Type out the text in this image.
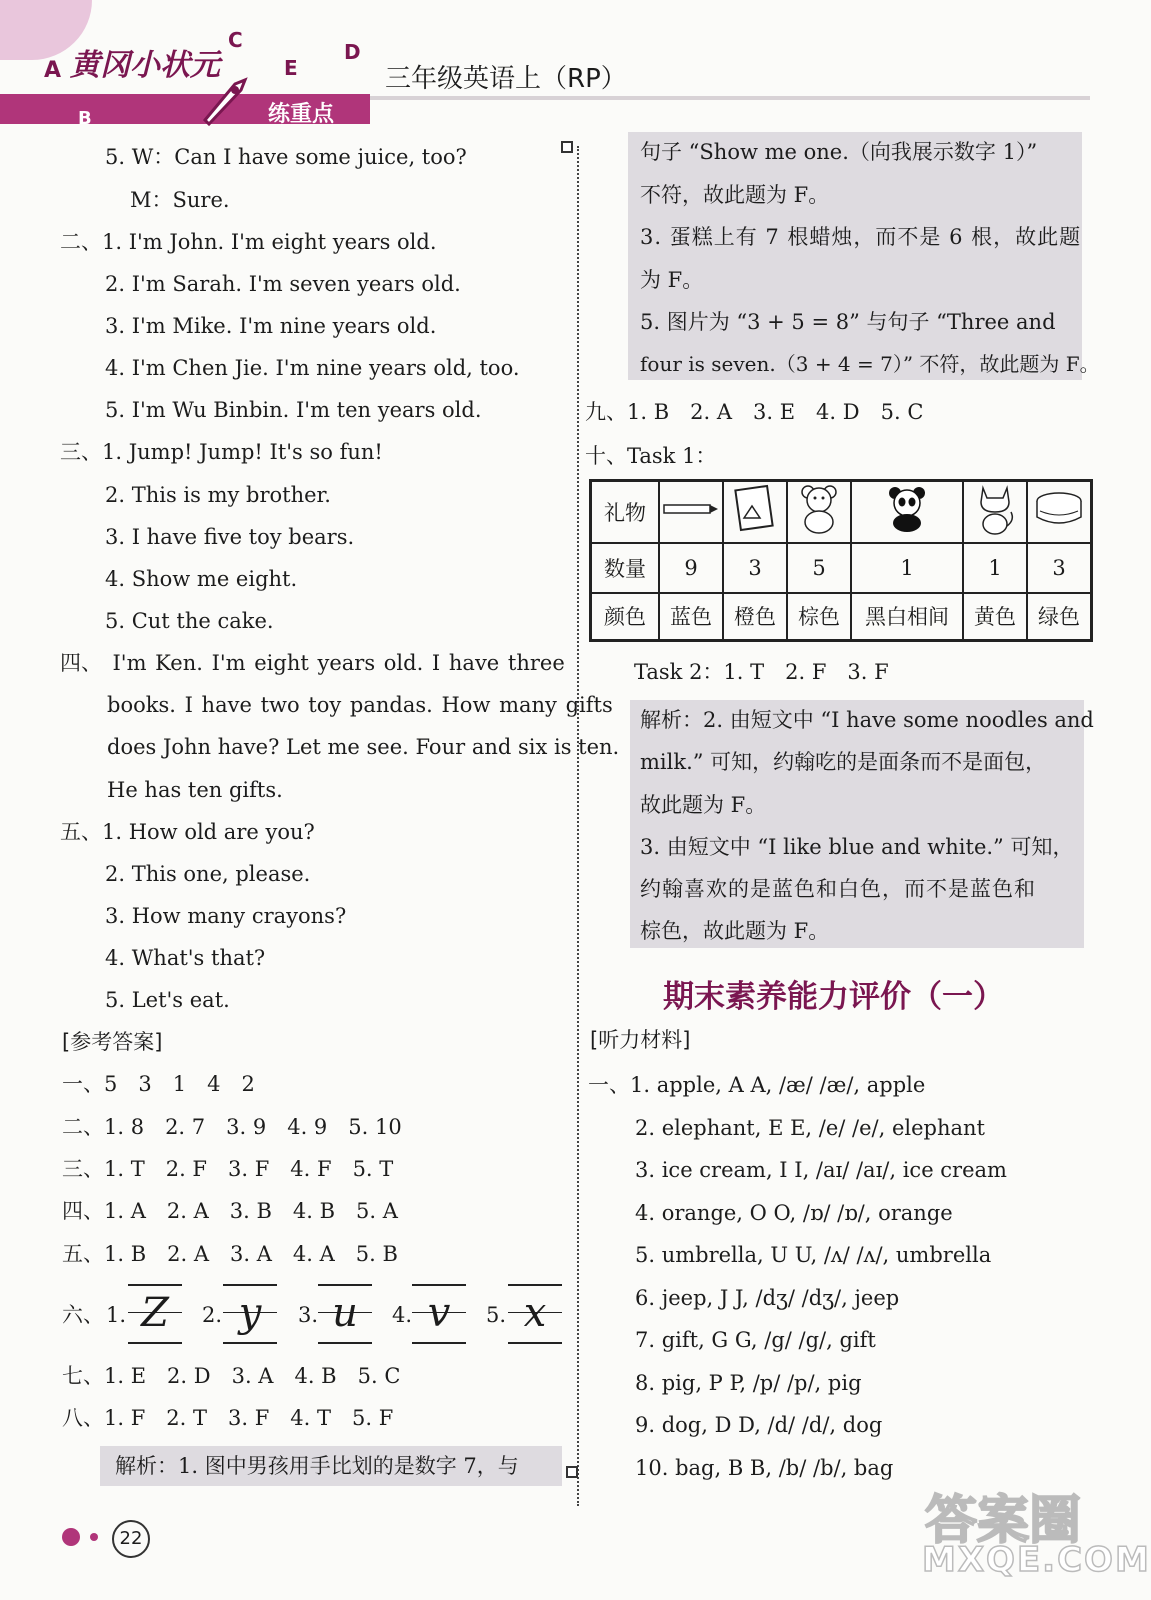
A
B
C	D
E
黄冈小状元
练重点
三年级英语上（RP）
5. W：Can I have some juice, too?
M：Sure.
二、1. I'm John. I'm eight years old.
2. I'm Sarah. I'm seven years old.
3. I'm Mike. I'm nine years old.
4. I'm Chen Jie. I'm nine years old, too.
5. I'm Wu Binbin. I'm ten years old.
三、1. Jump! Jump! It's so fun!
2. This is my brother.
3. I have five toy bears.
4. Show me eight.
5. Cut the cake.
四、　I'm Ken. I'm eight years old. I have three
books. I have two toy pandas. How many gifts
does John have? Let me see. Four and six is ten.
He has ten gifts.
五、1. How old are you?
2. This one, please.
3. How many crayons?
4. What's that?
5. Let's eat.
[参考答案]
一、5　3　1　4　2
二、1. 8　2. 7　3. 9　4. 9　5. 10
三、1. T　2. F　3. F　4. F　5. T
四、1. A　2. A　3. B　4. B　5. A
五、1. B　2. A　3. A　4. A　5. B
六、 1. Z	2. y	3. u	4. v	5. x
七、1. E　2. D　3. A　4. B　5. C
八、1. F　2. T　3. F　4. T　5. F
解析：1. 图中男孩用手比划的是数字 7，与
句子 “Show me one.（向我展示数字 1）”
不符，故此题为 F。
3. 蛋糕上有 7 根蜡烛，而不是 6 根，故此题
为 F。
5. 图片为 “3 + 5 = 8” 与句子 “Three and
four is seven.（3 + 4 = 7）” 不符，故此题为 F。
九、1. B　2. A　3. E　4. D　5. C
十、Task 1：
礼物						
数量	9	3	5	1	1	3
颜色	蓝色	橙色	棕色	黑白相间	黄色	绿色
Task 2：1. T　2. F　3. F
解析：2. 由短文中 “I have some noodles and
milk.” 可知，约翰吃的是面条而不是面包，
故此题为 F。
3. 由短文中 “I like blue and white.” 可知，
约翰喜欢的是蓝色和白色，而不是蓝色和
棕色，故此题为 F。
期末素养能力评价（一）
[听力材料]
一、1. apple, A A, /æ/ /æ/, apple
2. elephant, E E, /e/ /e/, elephant
3. ice cream, I I, /aɪ/ /aɪ/, ice cream
4. orange, O O, /ɒ/ /ɒ/, orange
5. umbrella, U U, /ʌ/ /ʌ/, umbrella
6. jeep, J J, /dʒ/ /dʒ/, jeep
7. gift, G G, /g/ /g/, gift
8. pig, P P, /p/ /p/, pig
9. dog, D D, /d/ /d/, dog
10. bag, B B, /b/ /b/, bag
22	答案圈
MXQE.COM
